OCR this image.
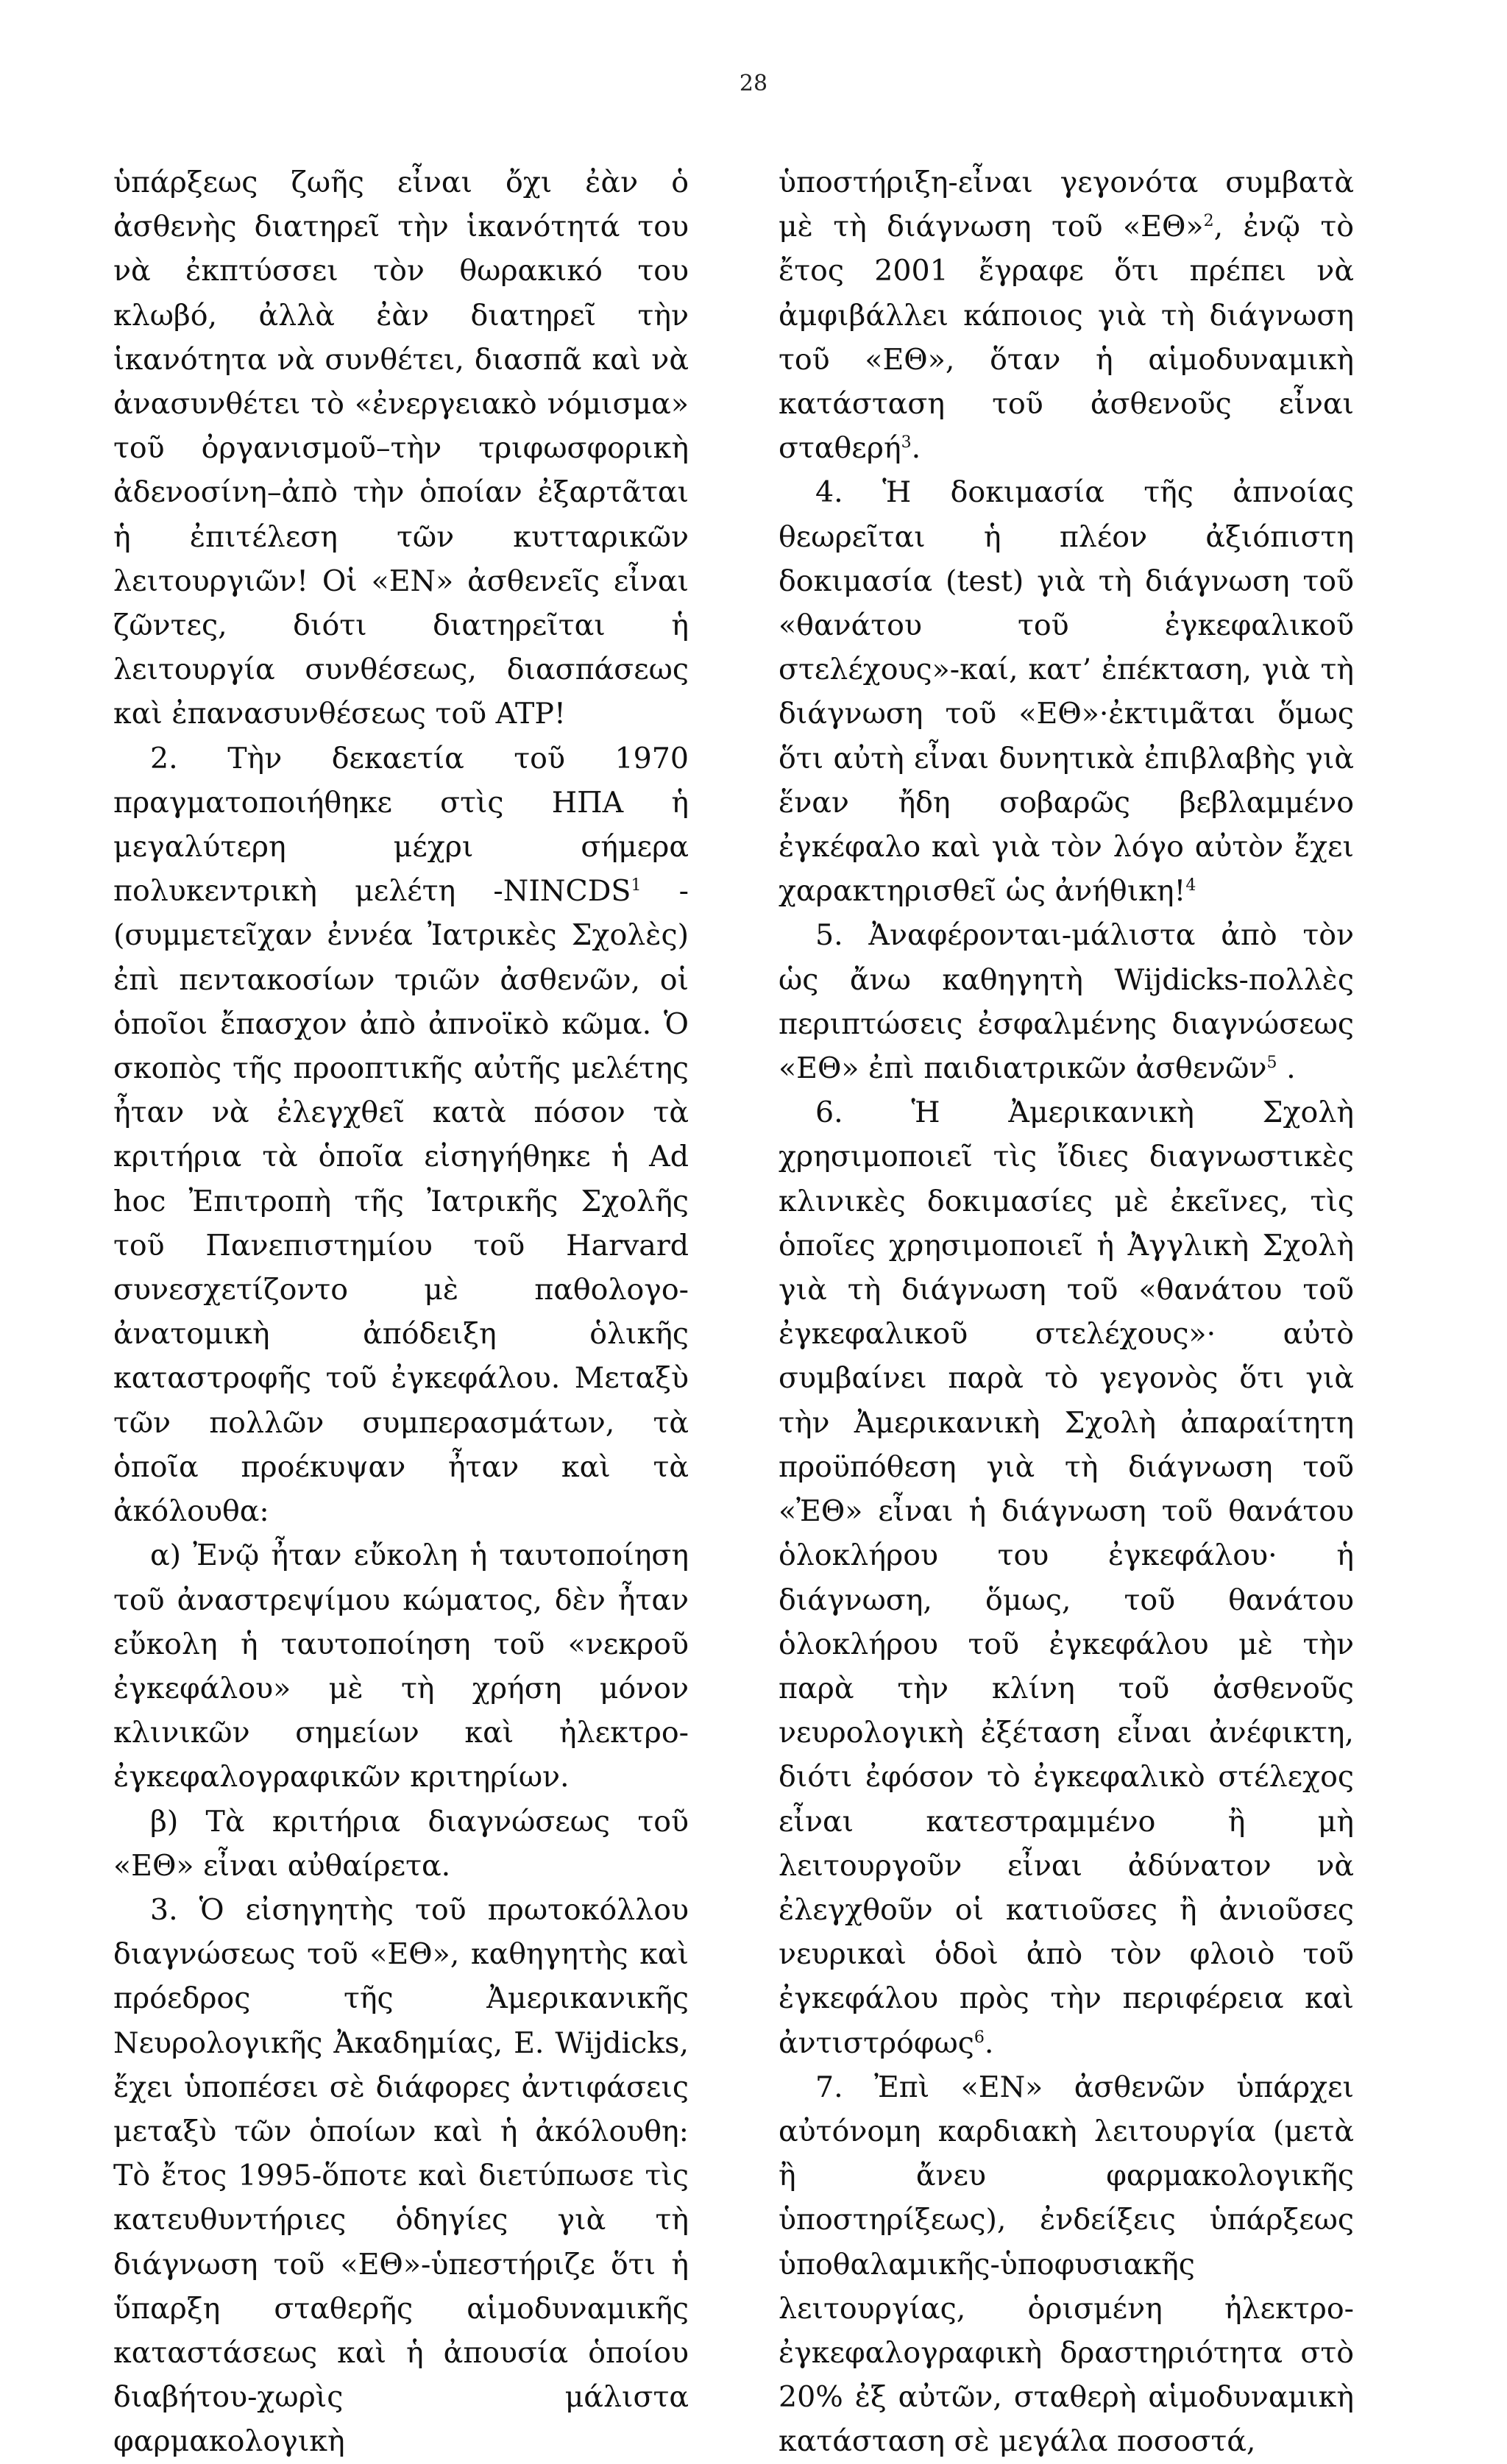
28

ὑπάρξεως ζωῆς εἶναι ὄχι ἐὰν ὁ ἀσθενὴς διατηρεῖ τὴν ἱκανότητά του νὰ ἐκπτύσσει τὸν θωρακικό του κλωβό, ἀλλὰ ἐὰν διατηρεῖ τὴν ἱκανότητα νὰ συνθέτει, διασπᾶ καὶ νὰ ἀνασυνθέτει τὸ «ἐνεργειακὸ νόμισμα» τοῦ ὀργανισμοῦ–τὴν τριφωσφορικὴ ἀδενοσίνη–ἀπὸ τὴν ὁποίαν ἐξαρτᾶται ἡ ἐπιτέλεση τῶν κυτταρικῶν λειτουργιῶν! Οἱ «ΕΝ» ἀσθενεῖς εἶναι ζῶντες, διότι διατηρεῖται ἡ λειτουργία συνθέσεως, διασπάσεως καὶ ἐπανασυνθέσεως τοῦ ATP!

2. Τὴν δεκαετία τοῦ 1970 πραγματοποιήθηκε στὶς ΗΠΑ ἡ μεγαλύτερη μέχρι σήμερα πολυκεντρικὴ μελέτη -NINCDS$^1$ - (συμμετεῖχαν ἐννέα Ἰατρικὲς Σχολὲς) ἐπὶ πεντακοσίων τριῶν ἀσθενῶν, οἱ ὁποῖοι ἔπασχον ἀπὸ ἀπνοϊκὸ κῶμα. Ὁ σκοπὸς τῆς προοπτικῆς αὐτῆς μελέτης ἦταν νὰ ἐλεγχθεῖ κατὰ πόσον τὰ κριτήρια τὰ ὁποῖα εἰσηγήθηκε ἡ Ad hoc Ἐπιτροπὴ τῆς Ἰατρικῆς Σχολῆς τοῦ Πανεπιστημίου τοῦ Harvard συνεσχετίζοντο μὲ παθολογο-ἀνατομικὴ ἀπόδειξη ὁλικῆς καταστροφῆς τοῦ ἐγκεφάλου. Μεταξὺ τῶν πολλῶν συμπερασμάτων, τὰ ὁποῖα προέκυψαν ἦταν καὶ τὰ ἀκόλουθα:

α) Ἐνῷ ἦταν εὔκολη ἡ ταυτοποίηση τοῦ ἀναστρεψίμου κώματος, δὲν ἦταν εὔκολη ἡ ταυτοποίηση τοῦ «νεκροῦ ἐγκεφάλου» μὲ τὴ χρήση μόνον κλινικῶν σημείων καὶ ἠλεκτρο-ἐγκεφαλογραφικῶν κριτηρίων.

β) Τὰ κριτήρια διαγνώσεως τοῦ «ΕΘ» εἶναι αὐθαίρετα.

3. Ὁ εἰσηγητὴς τοῦ πρωτοκόλλου διαγνώσεως τοῦ «ΕΘ», καθηγητὴς καὶ πρόεδρος τῆς Ἀμερικανικῆς Νευρολογικῆς Ἀκαδημίας, E. Wijdicks, ἔχει ὑποπέσει σὲ διάφορες ἀντιφάσεις μεταξὺ τῶν ὁποίων καὶ ἡ ἀκόλουθη: Τὸ ἔτος 1995-ὅποτε καὶ διετύπωσε τὶς κατευθυντήριες ὁδηγίες γιὰ τὴ διάγνωση τοῦ «ΕΘ»-ὑπεστήριζε ὅτι ἡ ὕπαρξη σταθερῆς αἱμοδυναμικῆς καταστάσεως καὶ ἡ ἀπουσία ὁποίου διαβήτου-χωρὶς μάλιστα φαρμακολογικὴ

ὑποστήριξη-εἶναι γεγονότα συμβατὰ μὲ τὴ διάγνωση τοῦ «ΕΘ»$^2$, ἐνῷ τὸ ἔτος 2001 ἔγραφε ὅτι πρέπει νὰ ἀμφιβάλλει κάποιος γιὰ τὴ διάγνωση τοῦ «ΕΘ», ὅταν ἡ αἱμοδυναμικὴ κατάσταση τοῦ ἀσθενοῦς εἶναι σταθερή$^3$.

4. Ἡ δοκιμασία τῆς ἀπνοίας θεωρεῖται ἡ πλέον ἀξιόπιστη δοκιμασία (test) γιὰ τὴ διάγνωση τοῦ «θανάτου τοῦ ἐγκεφαλικοῦ στελέχους»-καί, κατ’ ἐπέκταση, γιὰ τὴ διάγνωση τοῦ «ΕΘ»·ἐκτιμᾶται ὅμως ὅτι αὐτὴ εἶναι δυνητικὰ ἐπιβλαβὴς γιὰ ἕναν ἤδη σοβαρῶς βεβλαμμένο ἐγκέφαλο καὶ γιὰ τὸν λόγο αὐτὸν ἔχει χαρακτηρισθεῖ ὡς ἀνήθικη!$^4$

5. Ἀναφέρονται-μάλιστα ἀπὸ τὸν ὡς ἄνω καθηγητὴ Wijdicks-πολλὲς περιπτώσεις ἐσφαλμένης διαγνώσεως «ΕΘ» ἐπὶ παιδιατρικῶν ἀσθενῶν$^5$ .

6. Ἡ Ἀμερικανικὴ Σχολὴ χρησιμοποιεῖ τὶς ἴδιες διαγνωστικὲς κλινικὲς δοκιμασίες μὲ ἐκεῖνες, τὶς ὁποῖες χρησιμοποιεῖ ἡ Ἀγγλικὴ Σχολὴ γιὰ τὴ διάγνωση τοῦ «θανάτου τοῦ ἐγκεφαλικοῦ στελέχους»· αὐτὸ συμβαίνει παρὰ τὸ γεγονὸς ὅτι γιὰ τὴν Ἀμερικανικὴ Σχολὴ ἀπαραίτητη προϋπόθεση γιὰ τὴ διάγνωση τοῦ «ἘΘ» εἶναι ἡ διάγνωση τοῦ θανάτου ὁλοκλήρου του ἐγκεφάλου· ἡ διάγνωση, ὅμως, τοῦ θανάτου ὁλοκλήρου τοῦ ἐγκεφάλου μὲ τὴν παρὰ τὴν κλίνη τοῦ ἀσθενοῦς νευρολογικὴ ἐξέταση εἶναι ἀνέφικτη, διότι ἐφόσον τὸ ἐγκεφαλικὸ στέλεχος εἶναι κατεστραμμένο ἢ μὴ λειτουργοῦν εἶναι ἀδύνατον νὰ ἐλεγχθοῦν οἱ κατιοῦσες ἢ ἀνιοῦσες νευρικαὶ ὁδοὶ ἀπὸ τὸν φλοιὸ τοῦ ἐγκεφάλου πρὸς τὴν περιφέρεια καὶ ἀντιστρόφως$^6$.

7. Ἐπὶ «ΕΝ» ἀσθενῶν ὑπάρχει αὐτόνομη καρδιακὴ λειτουργία (μετὰ ἢ ἄνευ φαρμακολογικῆς ὑποστηρίξεως), ἐνδείξεις ὑπάρξεως ὑποθαλαμικῆς-ὑποφυσιακῆς λειτουργίας, ὁρισμένη ἠλεκτρο-ἐγκεφαλογραφικὴ δραστηριότητα στὸ 20% ἐξ αὐτῶν, σταθερὴ αἱμοδυναμικὴ κατάσταση σὲ μεγάλα ποσοστά,
